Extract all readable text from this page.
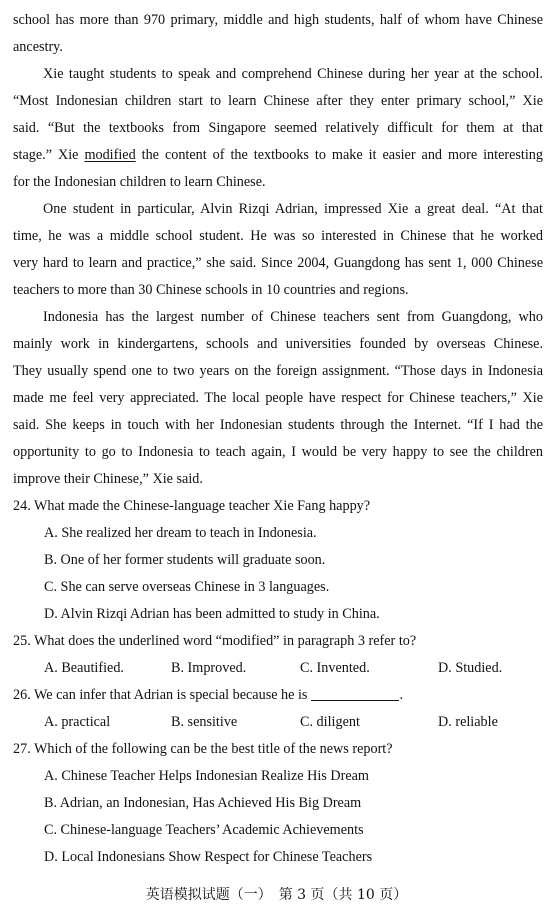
school has more than 970 primary, middle and high students, half of whom have Chinese
ancestry.
Xie taught students to speak and comprehend Chinese during her year at the school.
“Most Indonesian children start to learn Chinese after they enter primary school,” Xie
said. “But the textbooks from Singapore seemed relatively difficult for them at that
stage.” Xie modified the content of the textbooks to make it easier and more interesting
for the Indonesian children to learn Chinese.
One student in particular, Alvin Rizqi Adrian, impressed Xie a great deal. “At that
time, he was a middle school student. He was so interested in Chinese that he worked
very hard to learn and practice,” she said. Since 2004, Guangdong has sent 1, 000 Chinese
teachers to more than 30 Chinese schools in 10 countries and regions.
Indonesia has the largest number of Chinese teachers sent from Guangdong, who
mainly work in kindergartens, schools and universities founded by overseas Chinese.
They usually spend one to two years on the foreign assignment. “Those days in Indonesia
made me feel very appreciated. The local people have respect for Chinese teachers,” Xie
said. She keeps in touch with her Indonesian students through the Internet. “If I had the
opportunity to go to Indonesia to teach again, I would be very happy to see the children
improve their Chinese,” Xie said.
24. What made the Chinese-language teacher Xie Fang happy?
A. She realized her dream to teach in Indonesia.
B. One of her former students will graduate soon.
C. She can serve overseas Chinese in 3 languages.
D. Alvin Rizqi Adrian has been admitted to study in China.
25. What does the underlined word “modified” in paragraph 3 refer to?
A. Beautified.	B. Improved.	C. Invented.	D. Studied.
26. We can infer that Adrian is special because he is	.
A. practical	B. sensitive	C. diligent	D. reliable
27. Which of the following can be the best title of the news report?
A. Chinese Teacher Helps Indonesian Realize His Dream
B. Adrian, an Indonesian, Has Achieved His Big Dream
C. Chinese-language Teachers’ Academic Achievements
D. Local Indonesians Show Respect for Chinese Teachers
英语模拟试题（一）　第 3 页（共 10 页）
